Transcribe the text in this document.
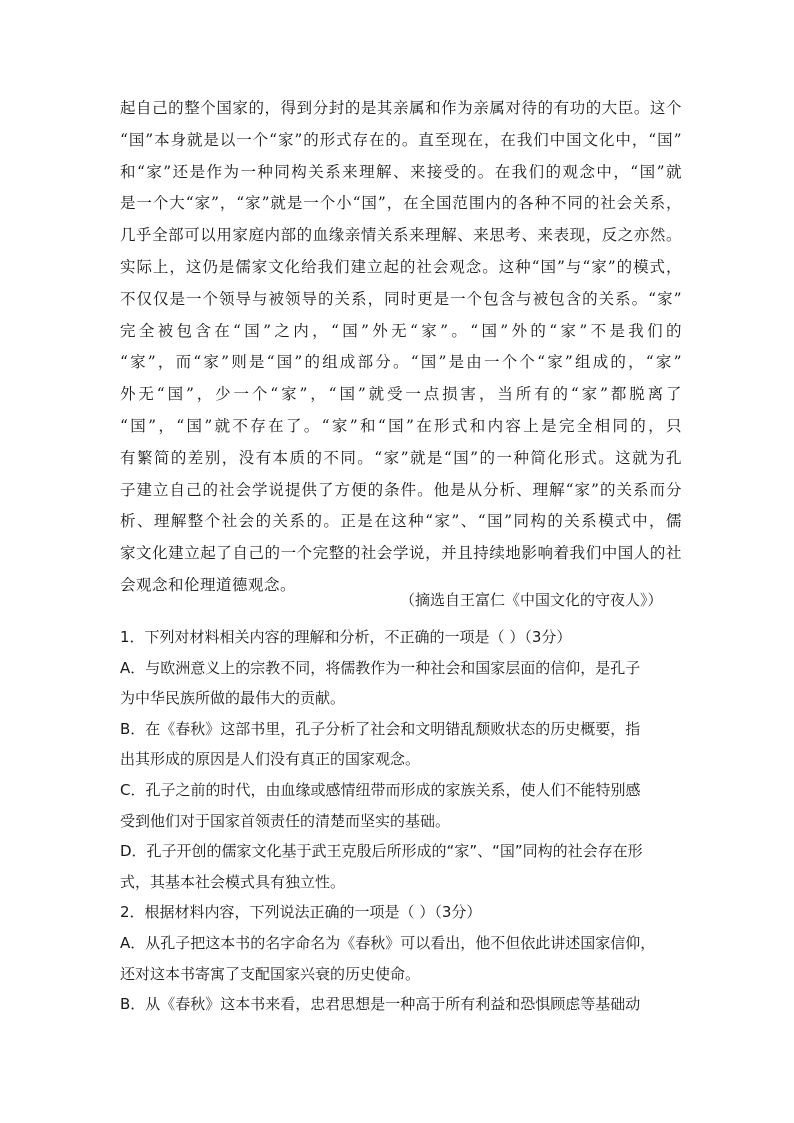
起自己的整个国家的，得到分封的是其亲属和作为亲属对待的有功的大臣。这个
“国”本身就是以一个“家”的形式存在的。直至现在，在我们中国文化中，“国”
和“家”还是作为一种同构关系来理解、来接受的。在我们的观念中，“国”就
是一个大“家”，“家”就是一个小“国”，在全国范围内的各种不同的社会关系，
几乎全部可以用家庭内部的血缘亲情关系来理解、来思考、来表现，反之亦然。
实际上，这仍是儒家文化给我们建立起的社会观念。这种“国”与“家”的模式，
不仅仅是一个领导与被领导的关系，同时更是一个包含与被包含的关系。“家”
完全被包含在“国”之内，“国”外无“家”。“国”外的“家”不是我们的
“家”，而“家”则是“国”的组成部分。“国”是由一个个“家”组成的，“家”
外无“国”，少一个“家”，“国”就受一点损害，当所有的“家”都脱离了
“国”，“国”就不存在了。“家”和“国”在形式和内容上是完全相同的，只
有繁简的差别，没有本质的不同。“家”就是“国”的一种简化形式。这就为孔
子建立自己的社会学说提供了方便的条件。他是从分析、理解“家”的关系而分
析、理解整个社会的关系的。正是在这种“家”、“国”同构的关系模式中，儒
家文化建立起了自己的一个完整的社会学说，并且持续地影响着我们中国人的社
会观念和伦理道德观念。
（摘选自王富仁《中国文化的守夜人》）
1．下列对材料相关内容的理解和分析，不正确的一项是（ ）（3分）
A．与欧洲意义上的宗教不同，将儒教作为一种社会和国家层面的信仰，是孔子
为中华民族所做的最伟大的贡献。
B．在《春秋》这部书里，孔子分析了社会和文明错乱颓败状态的历史概要，指
出其形成的原因是人们没有真正的国家观念。
C．孔子之前的时代，由血缘或感情纽带而形成的家族关系，使人们不能特别感
受到他们对于国家首领责任的清楚而坚实的基础。
D．孔子开创的儒家文化基于武王克殷后所形成的“家”、“国”同构的社会存在形
式，其基本社会模式具有独立性。
2．根据材料内容，下列说法正确的一项是（ ）（3分）
A．从孔子把这本书的名字命名为《春秋》可以看出，他不但依此讲述国家信仰，
还对这本书寄寓了支配国家兴衰的历史使命。
B．从《春秋》这本书来看，忠君思想是一种高于所有利益和恐惧顾虑等基础动
